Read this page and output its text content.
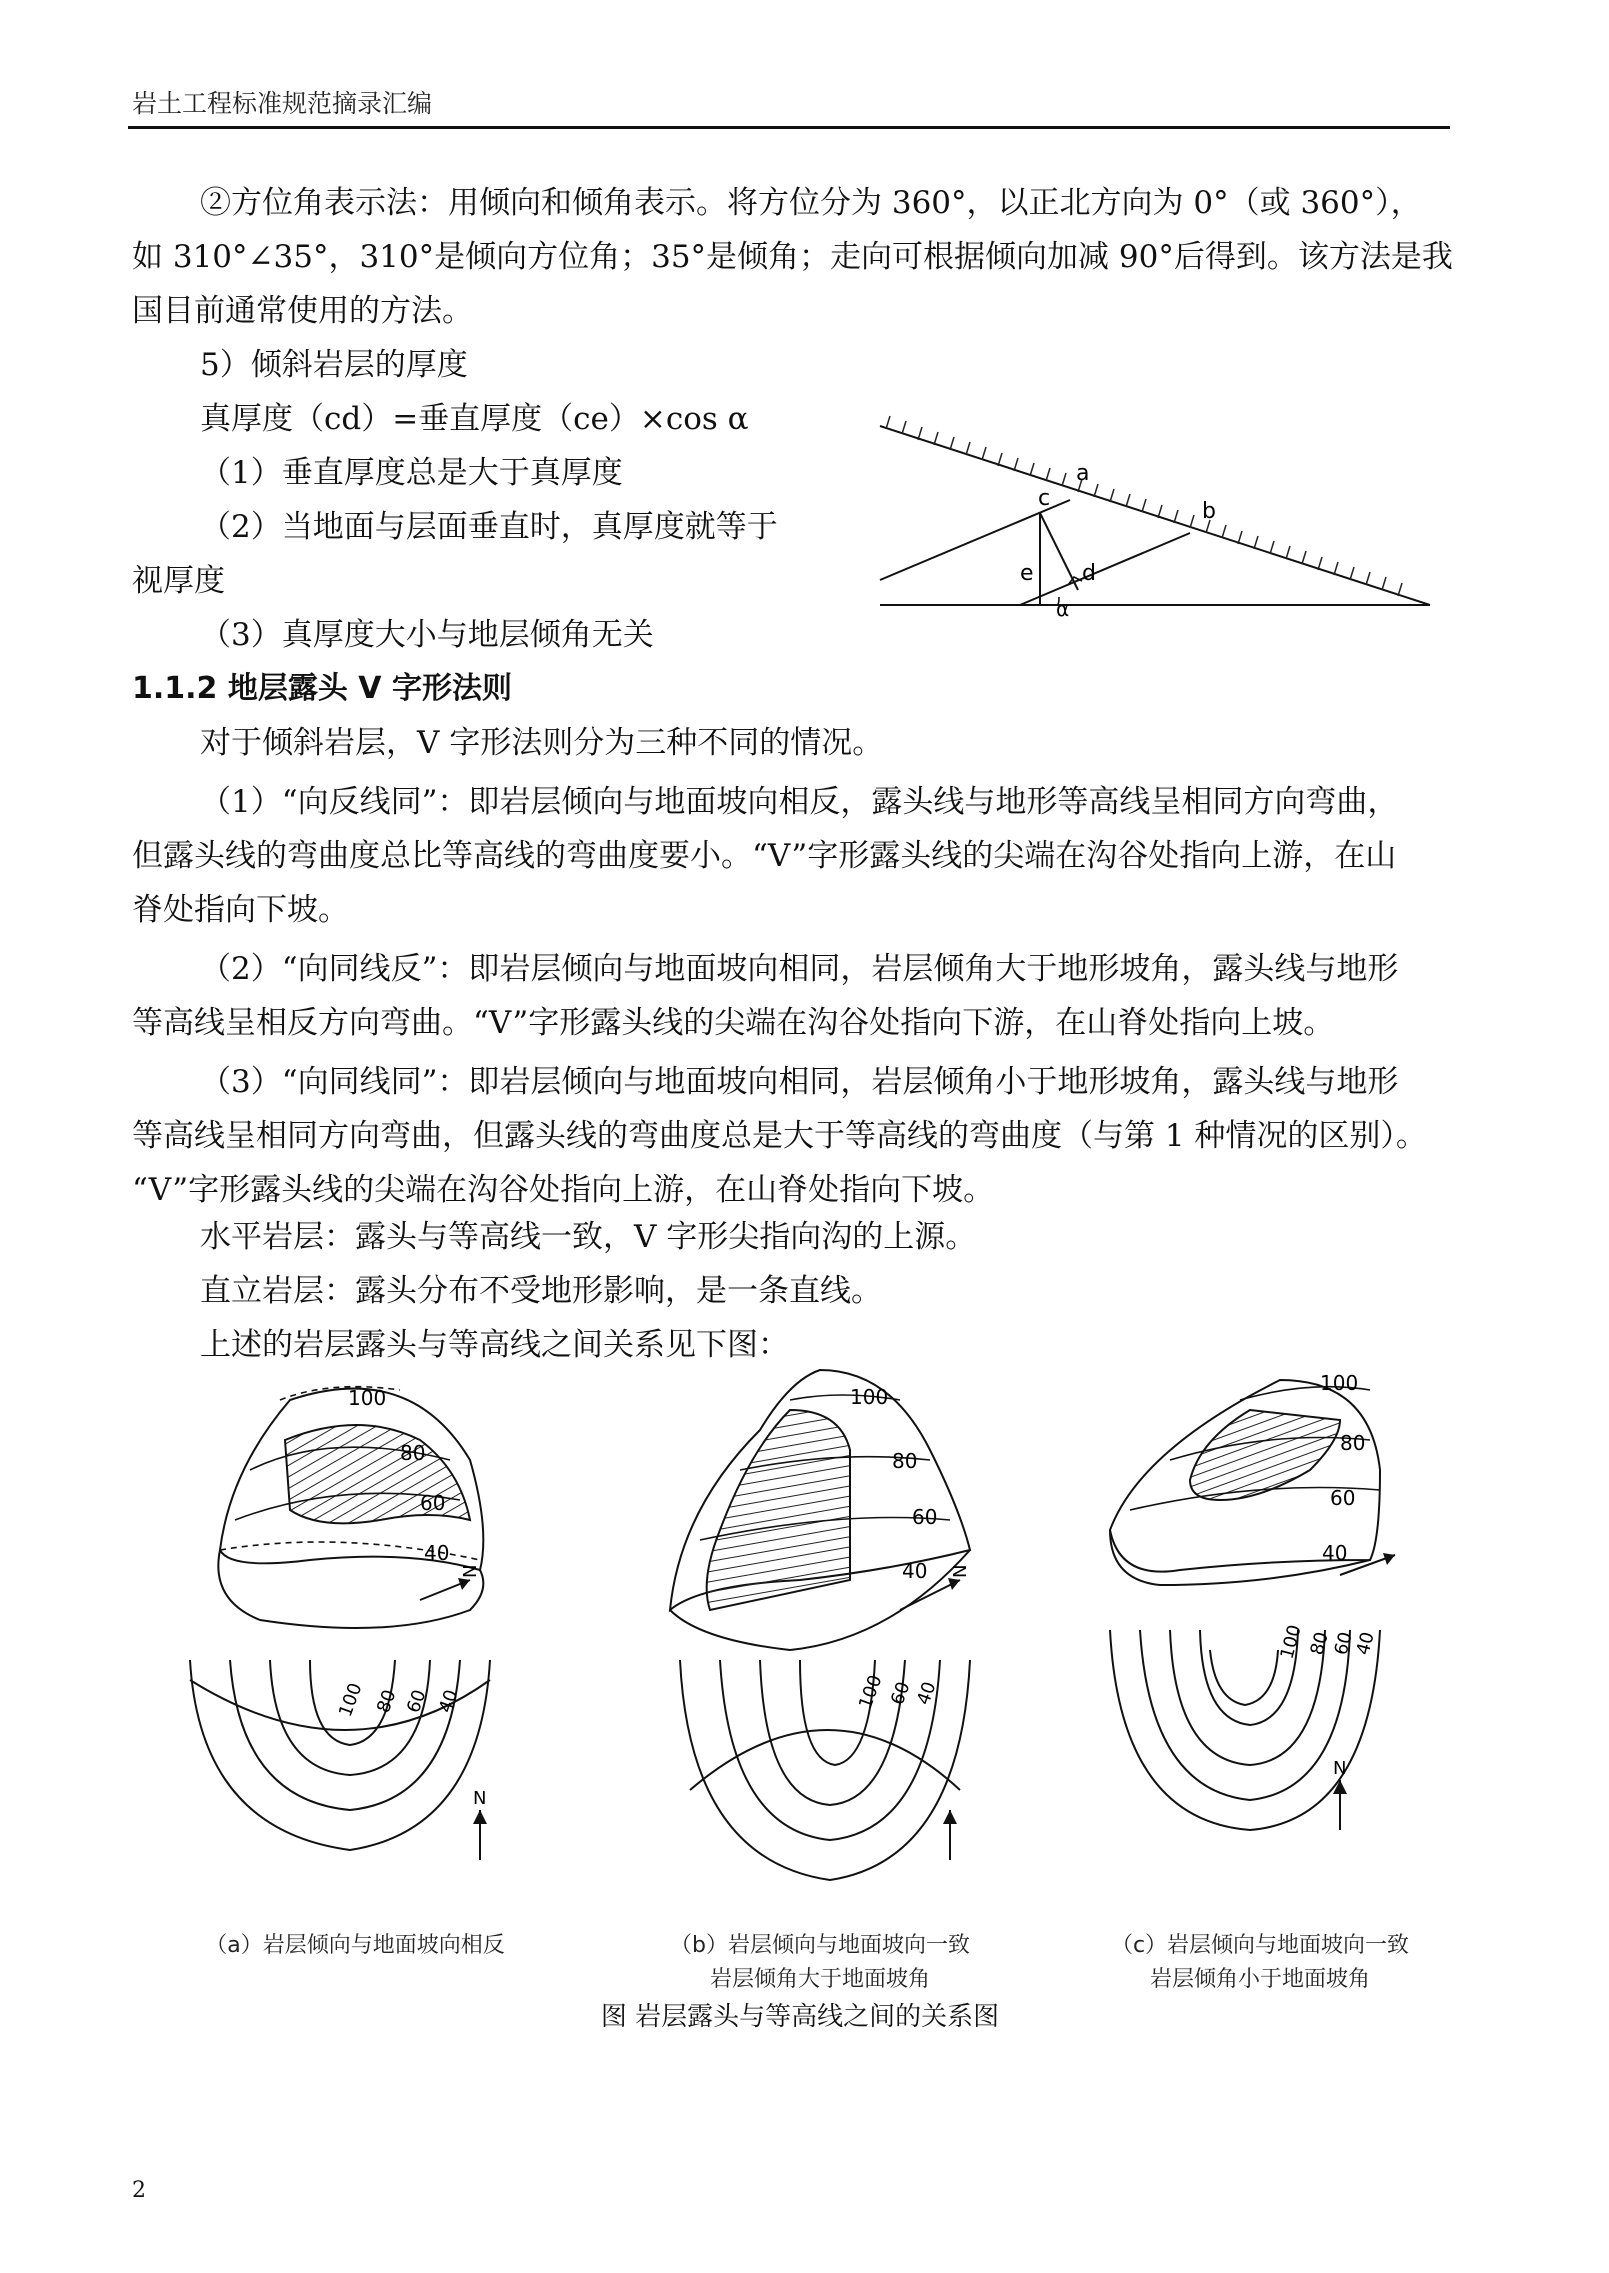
岩土工程标准规范摘录汇编

②方位角表示法：用倾向和倾角表示。将方位分为 360°，以正北方向为 0°（或 360°），

如 310°∠35°，310°是倾向方位角；35°是倾角；走向可根据倾向加减 90°后得到。该方法是我

国目前通常使用的方法。

5）倾斜岩层的厚度

真厚度（cd）=垂直厚度（ce）×cos α

（1）垂直厚度总是大于真厚度

（2）当地面与层面垂直时，真厚度就等于

视厚度

（3）真厚度大小与地层倾角无关

1.1.2 地层露头 V 字形法则

对于倾斜岩层，V 字形法则分为三种不同的情况。

（1）“向反线同”：即岩层倾向与地面坡向相反，露头线与地形等高线呈相同方向弯曲，

但露头线的弯曲度总比等高线的弯曲度要小。“V”字形露头线的尖端在沟谷处指向上游，在山

脊处指向下坡。

（2）“向同线反”：即岩层倾向与地面坡向相同，岩层倾角大于地形坡角，露头线与地形

等高线呈相反方向弯曲。“V”字形露头线的尖端在沟谷处指向下游，在山脊处指向上坡。

（3）“向同线同”：即岩层倾向与地面坡向相同，岩层倾角小于地形坡角，露头线与地形

等高线呈相同方向弯曲，但露头线的弯曲度总是大于等高线的弯曲度（与第 1 种情况的区别）。

“V”字形露头线的尖端在沟谷处指向上游，在山脊处指向下坡。

水平岩层：露头与等高线一致，V 字形尖指向沟的上源。

直立岩层：露头分布不受地形影响，是一条直线。

上述的岩层露头与等高线之间关系见下图：

a
c
b
e d
α
100
80
60
40
N
100 80 60 40
N
100
80
60
40 N
100 60
40
100
80
60
40
100 80
60
40
N
（a）岩层倾向与地面坡向相反	（b）岩层倾向与地面坡向一致
岩层倾角大于地面坡角
（c）岩层倾向与地面坡向一致
岩层倾角小于地面坡角
图 岩层露头与等高线之间的关系图
2
